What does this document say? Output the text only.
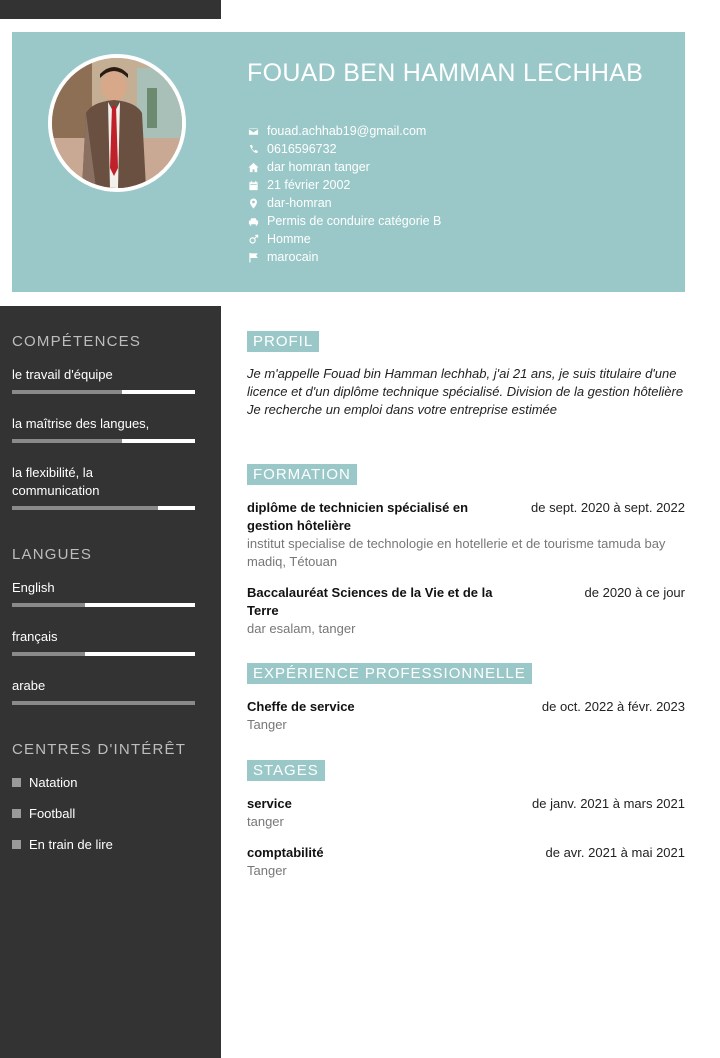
FOUAD BEN HAMMAN LECHHAB
fouad.achhab19@gmail.com
0616596732
dar homran tanger
21 février 2002
dar-homran
Permis de conduire catégorie B
Homme
marocain
COMPÉTENCES
le travail d'équipe
la maîtrise des langues,
la flexibilité, la communication
LANGUES
English
français
arabe
CENTRES D'INTÉRÊT
Natation
Football
En train de lire
PROFIL

Je m'appelle Fouad bin Hamman lechhab, j'ai 21 ans, je suis titulaire d'une licence et d'un diplôme technique spécialisé. Division de la gestion hôtelière Je recherche un emploi dans votre entreprise estimée

FORMATION
diplôme de technicien spécialisé en gestion hôtelière
de sept. 2020 à sept. 2022
institut specialise de technologie en hotellerie et de tourisme tamuda bay madiq, Tétouan
Baccalauréat Sciences de la Vie et de la Terre
de 2020 à ce jour
dar esalam, tanger
EXPÉRIENCE PROFESSIONNELLE
Cheffe de service	de oct. 2022 à févr. 2023
Tanger
STAGES
service	de janv. 2021 à mars 2021
tanger
comptabilité	de avr. 2021 à mai 2021
Tanger
